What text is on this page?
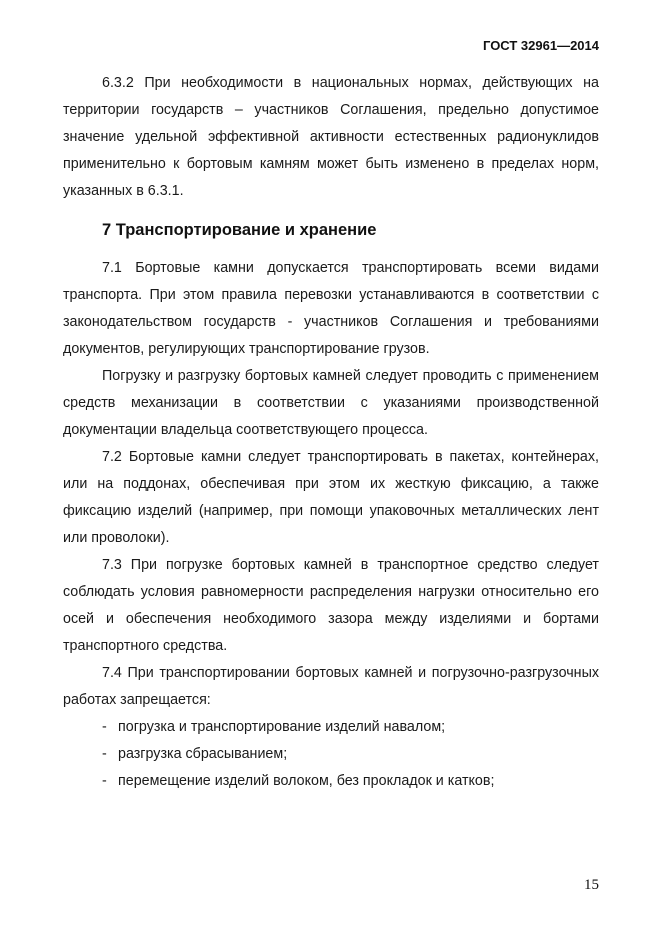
ГОСТ 32961—2014

6.3.2 При необходимости в национальных нормах, действующих на территории государств – участников Соглашения, предельно допустимое значение удельной эффективной активности естественных радионуклидов применительно к бортовым камням может быть изменено в пределах норм, указанных в 6.3.1.

7 Транспортирование и хранение

7.1 Бортовые камни допускается транспортировать всеми видами транспорта. При этом правила перевозки устанавливаются в соответствии с законодательством государств - участников Соглашения и требованиями документов, регулирующих транспортирование грузов.

Погрузку и разгрузку бортовых камней следует проводить с применением средств механизации в соответствии с указаниями производственной документации владельца соответствующего процесса.

7.2 Бортовые камни следует транспортировать в пакетах, контейнерах, или на поддонах, обеспечивая при этом их жесткую фиксацию, а также фиксацию изделий (например, при помощи упаковочных металлических лент или проволоки).

7.3 При погрузке бортовых камней в транспортное средство следует соблюдать условия равномерности распределения нагрузки относительно его осей и обеспечения необходимого зазора между изделиями и бортами транспортного средства.

7.4 При транспортировании бортовых камней и погрузочно-разгрузочных работах запрещается:

- погрузка и транспортирование изделий навалом;
- разгрузка сбрасыванием;
- перемещение изделий волоком, без прокладок и катков;
15
